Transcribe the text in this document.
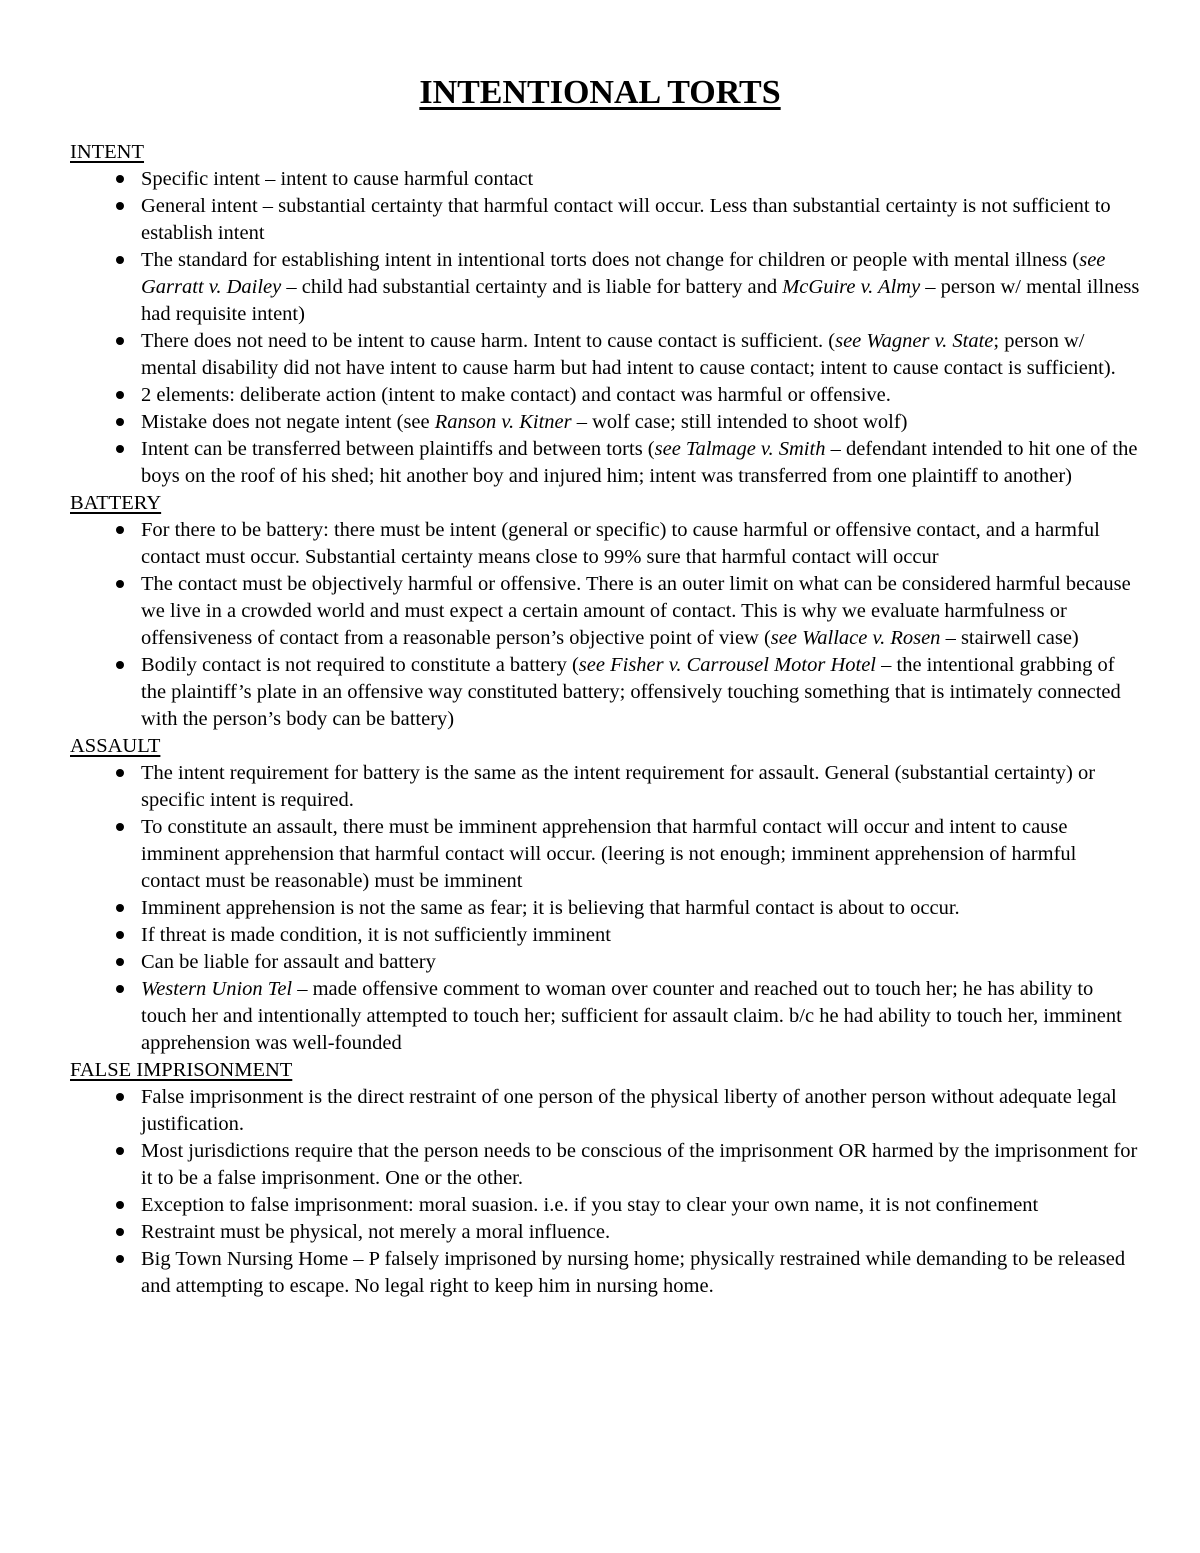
INTENTIONAL TORTS
INTENT
Specific intent – intent to cause harmful contact
General intent – substantial certainty that harmful contact will occur. Less than substantial certainty is not sufficient to establish intent
The standard for establishing intent in intentional torts does not change for children or people with mental illness (see Garratt v. Dailey – child had substantial certainty and is liable for battery and McGuire v. Almy – person w/ mental illness had requisite intent)
There does not need to be intent to cause harm. Intent to cause contact is sufficient. (see Wagner v. State; person w/ mental disability did not have intent to cause harm but had intent to cause contact; intent to cause contact is sufficient).
2 elements: deliberate action (intent to make contact) and contact was harmful or offensive.
Mistake does not negate intent (see Ranson v. Kitner – wolf case; still intended to shoot wolf)
Intent can be transferred between plaintiffs and between torts (see Talmage v. Smith – defendant intended to hit one of the boys on the roof of his shed; hit another boy and injured him; intent was transferred from one plaintiff to another)
BATTERY
For there to be battery: there must be intent (general or specific) to cause harmful or offensive contact, and a harmful contact must occur. Substantial certainty means close to 99% sure that harmful contact will occur
The contact must be objectively harmful or offensive. There is an outer limit on what can be considered harmful because we live in a crowded world and must expect a certain amount of contact. This is why we evaluate harmfulness or offensiveness of contact from a reasonable person’s objective point of view (see Wallace v. Rosen – stairwell case)
Bodily contact is not required to constitute a battery (see Fisher v. Carrousel Motor Hotel – the intentional grabbing of the plaintiff’s plate in an offensive way constituted battery; offensively touching something that is intimately connected with the person’s body can be battery)
ASSAULT
The intent requirement for battery is the same as the intent requirement for assault. General (substantial certainty) or specific intent is required.
To constitute an assault, there must be imminent apprehension that harmful contact will occur and intent to cause imminent apprehension that harmful contact will occur. (leering is not enough; imminent apprehension of harmful contact must be reasonable) must be imminent
Imminent apprehension is not the same as fear; it is believing that harmful contact is about to occur.
If threat is made condition, it is not sufficiently imminent
Can be liable for assault and battery
Western Union Tel – made offensive comment to woman over counter and reached out to touch her; he has ability to touch her and intentionally attempted to touch her; sufficient for assault claim. b/c he had ability to touch her, imminent apprehension was well-founded
FALSE IMPRISONMENT
False imprisonment is the direct restraint of one person of the physical liberty of another person without adequate legal justification.
Most jurisdictions require that the person needs to be conscious of the imprisonment OR harmed by the imprisonment for it to be a false imprisonment. One or the other.
Exception to false imprisonment: moral suasion. i.e. if you stay to clear your own name, it is not confinement
Restraint must be physical, not merely a moral influence.
Big Town Nursing Home – P falsely imprisoned by nursing home; physically restrained while demanding to be released and attempting to escape. No legal right to keep him in nursing home.
